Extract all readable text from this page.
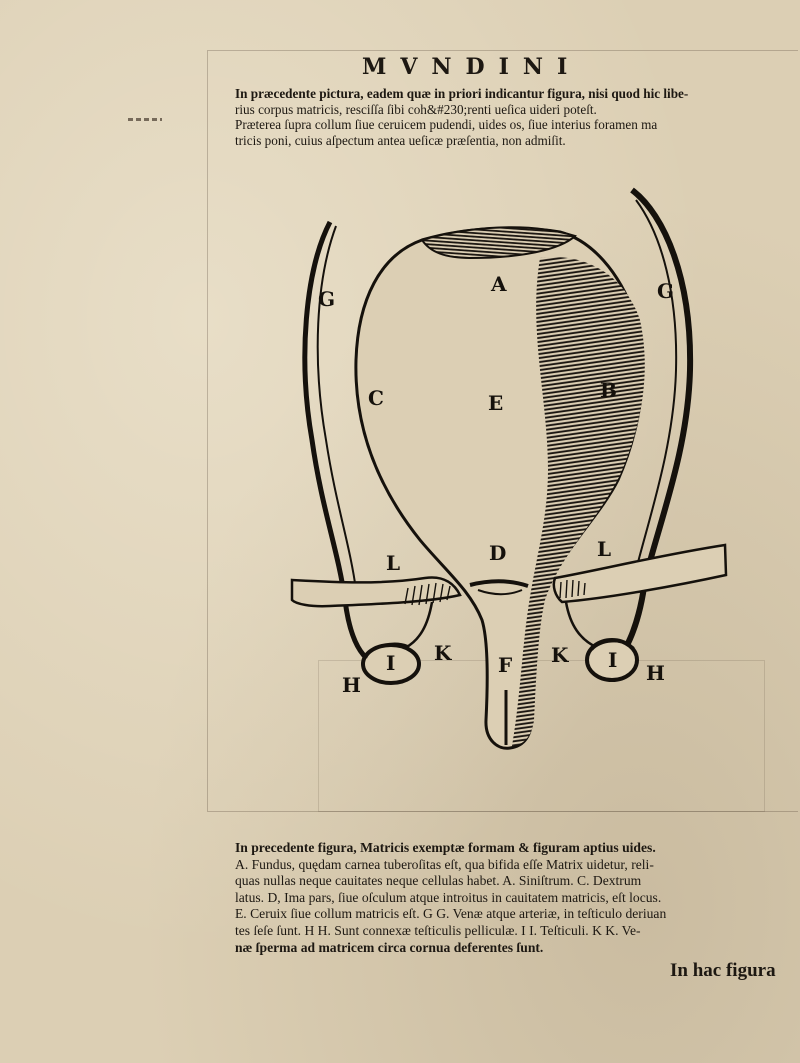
MVNDINI
In præcedente pictura, eadem quæ in priori indicantur figura, nisi quod hic libe-
rius corpus matricis, resciſſa ſibi coh&#230;renti ueſica uideri poteſt.
Præterea ſupra collum ſiue ceruicem pudendi, uides os, ſiue interius foramen ma
tricis poni, cuius aſpectum antea ueſicæ præſentia, non admiſit.
A
B
C	E
D
F
G	G
H	H
I	I
K	K
L
L
In precedente figura, Matricis exemptæ formam & figuram aptius uides.
A. Fundus, quędam carnea tuberoſitas eſt, qua bifida eſſe Matrix uidetur, reli-
quas nullas neque cauitates neque cellulas habet. A. Siniſtrum. C. Dextrum
latus. D, Ima pars, ſiue oſculum atque introitus in cauitatem matricis, eſt locus.
E. Ceruix ſiue collum matricis eſt. G G. Venæ atque arteriæ, in teſticulo deriuan
tes ſeſe ſunt. H H. Sunt connexæ teſticulis pelliculæ. I I. Teſticuli. K K. Ve-
næ ſperma ad matricem circa cornua deferentes ſunt.
In hac figura
